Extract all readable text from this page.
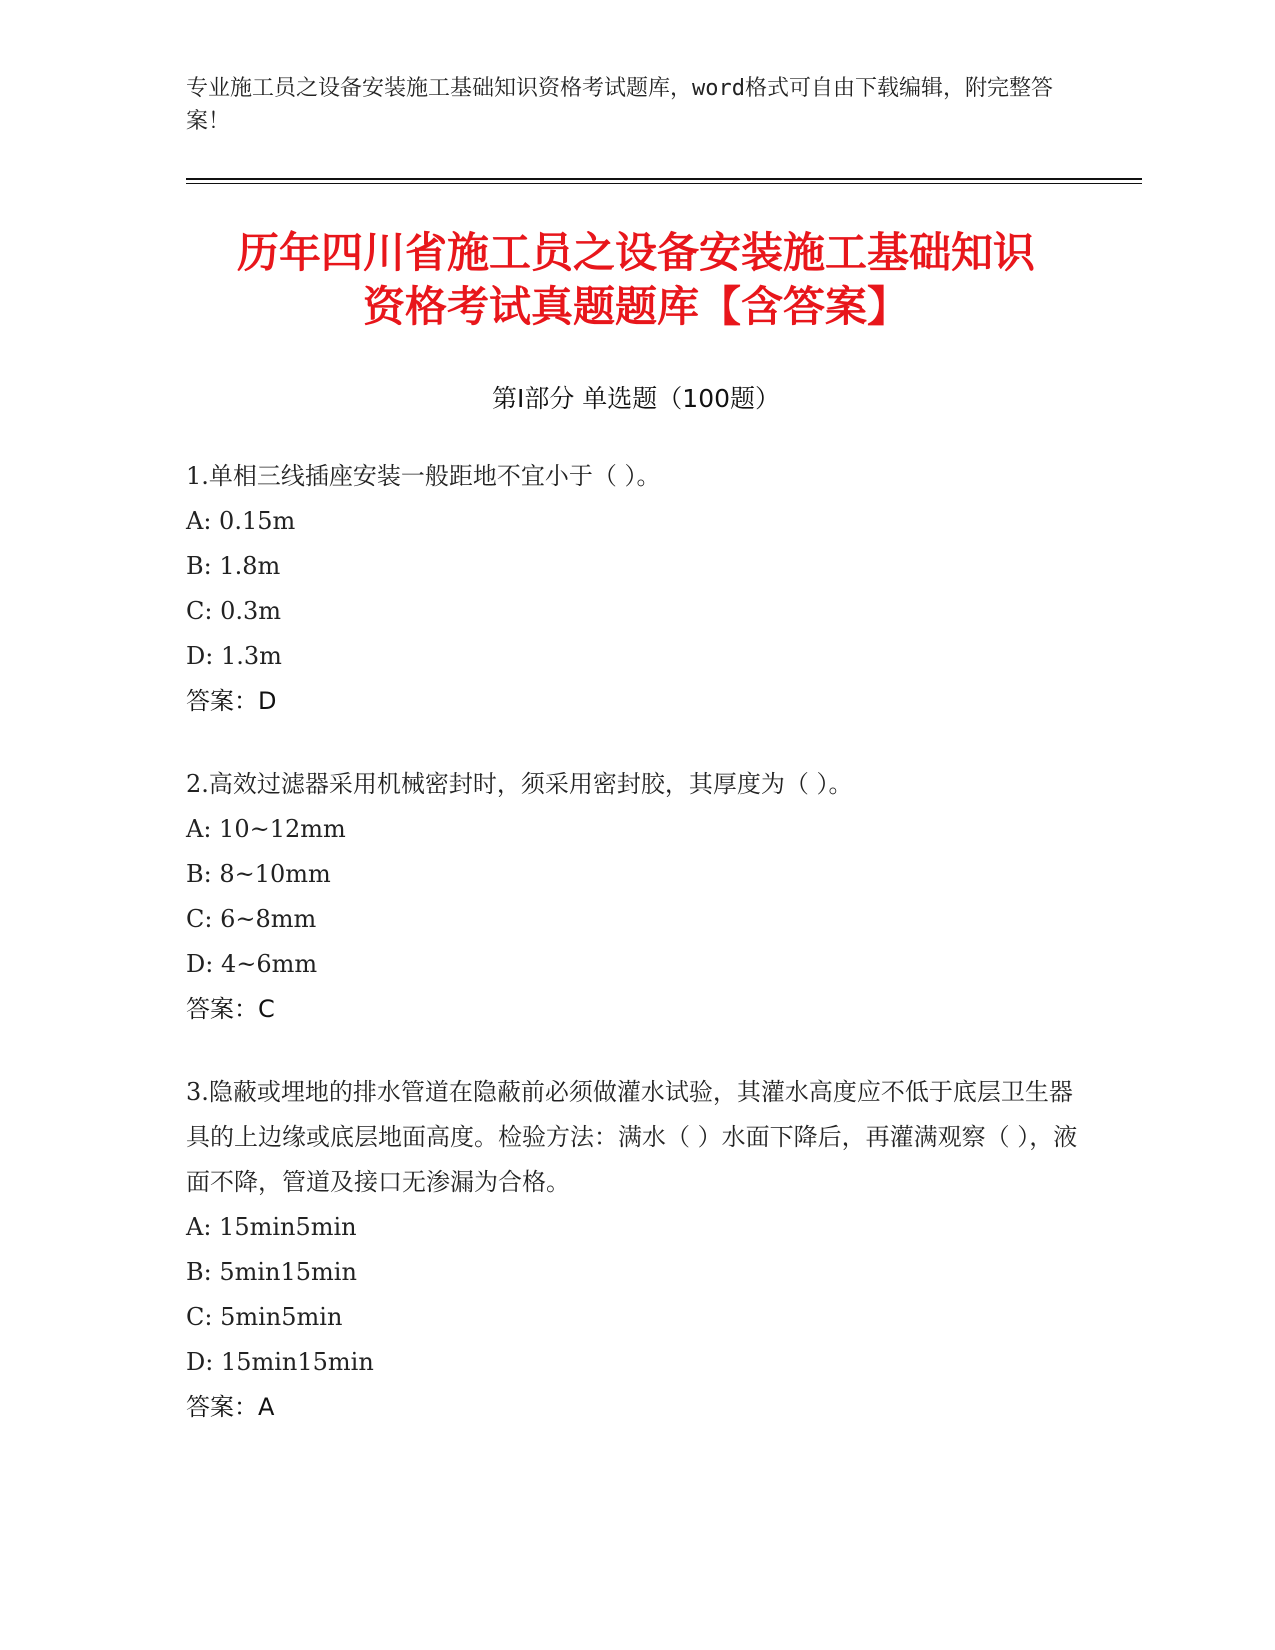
专业施工员之设备安装施工基础知识资格考试题库，word格式可自由下载编辑，附完整答案！
历年四川省施工员之设备安装施工基础知识
资格考试真题题库【含答案】
第Ⅰ部分 单选题（100题）
1.单相三线插座安装一般距地不宜小于（ ）。
A: 0.15m
B: 1.8m
C: 0.3m
D: 1.3m
答案：D
2.高效过滤器采用机械密封时，须采用密封胶，其厚度为（ ）。
A: 10~12mm
B: 8~10mm
C: 6~8mm
D: 4~6mm
答案：C
3.隐蔽或埋地的排水管道在隐蔽前必须做灌水试验，其灌水高度应不低于底层卫生器具的上边缘或底层地面高度。检验方法：满水（ ）水面下降后，再灌满观察（ ），液面不降，管道及接口无渗漏为合格。
A: 15min5min
B: 5min15min
C: 5min5min
D: 15min15min
答案：A
